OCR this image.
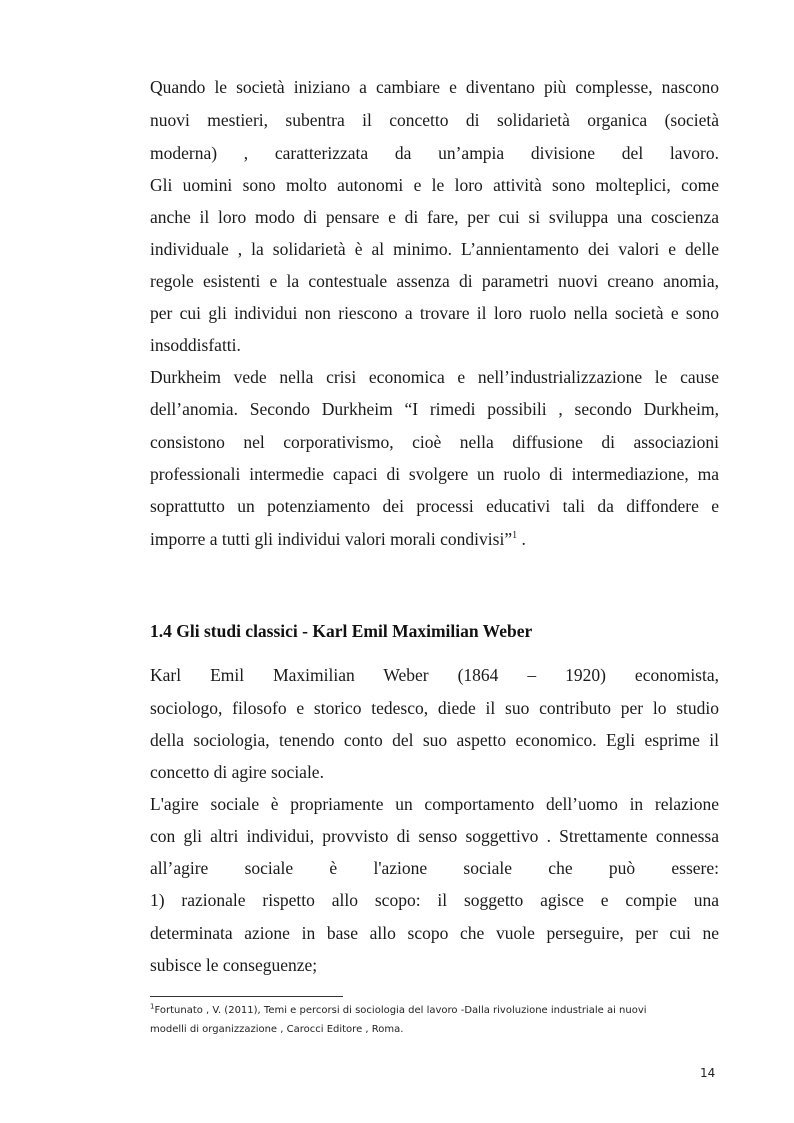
Quando le società iniziano a cambiare e diventano più complesse, nascono

nuovi mestieri, subentra il concetto di solidarietà organica (società

moderna) , caratterizzata da un’ampia divisione del lavoro.

Gli uomini sono molto autonomi e le loro attività sono molteplici, come

anche il loro modo di pensare e di fare, per cui si sviluppa una coscienza

individuale , la solidarietà è al minimo. L’annientamento dei valori e delle

regole esistenti e la contestuale assenza di parametri nuovi creano anomia,

per cui gli individui non riescono a trovare il loro ruolo nella società e sono

insoddisfatti.

Durkheim vede nella crisi economica e nell’industrializzazione le cause

dell’anomia. Secondo Durkheim “I rimedi possibili , secondo Durkheim,

consistono nel corporativismo, cioè nella diffusione di associazioni

professionali intermedie capaci di svolgere un ruolo di intermediazione, ma

soprattutto un potenziamento dei processi educativi tali da diffondere e

imporre a tutti gli individui valori morali condivisi”$^1$ .

1.4 Gli studi classici - Karl Emil Maximilian Weber

Karl Emil Maximilian Weber (1864 – 1920) economista,

sociologo, filosofo e storico tedesco, diede il suo contributo per lo studio

della sociologia, tenendo conto del suo aspetto economico. Egli esprime il

concetto di agire sociale.

L'agire sociale è propriamente un comportamento dell’uomo in relazione

con gli altri individui, provvisto di senso soggettivo . Strettamente connessa

all’agire sociale è l'azione sociale che può essere:

1) razionale rispetto allo scopo: il soggetto agisce e compie una

determinata azione in base allo scopo che vuole perseguire, per cui ne

subisce le conseguenze;

$^1$Fortunato , V. (2011), Temi e percorsi di sociologia del lavoro -Dalla rivoluzione industriale ai nuovi

modelli di organizzazione , Carocci Editore , Roma.

14
